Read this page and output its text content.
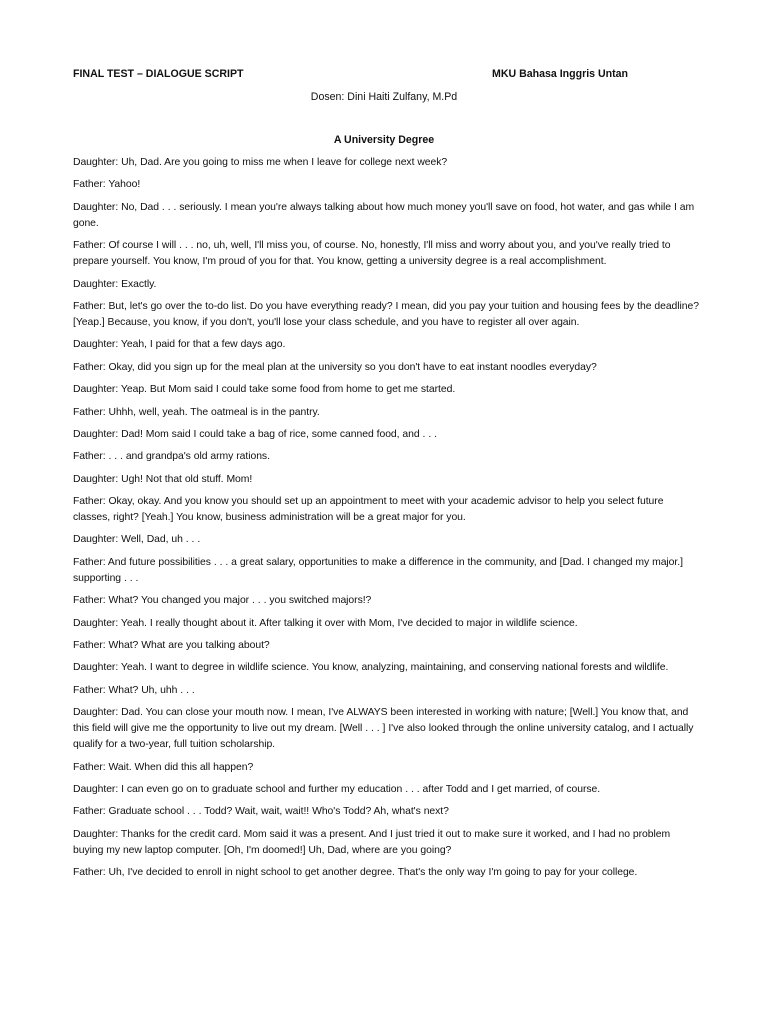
FINAL TEST – DIALOGUE SCRIPT	MKU Bahasa Inggris Untan
Dosen: Dini Haiti Zulfany, M.Pd
A University Degree

Daughter: Uh, Dad. Are you going to miss me when I leave for college next week?

Father: Yahoo!

Daughter: No, Dad . . . seriously. I mean you're always talking about how much money you'll save on food, hot water, and gas while I am gone.

Father: Of course I will . . . no, uh, well, I'll miss you, of course. No, honestly, I'll miss and worry about you, and you've really tried to prepare yourself. You know, I'm proud of you for that. You know, getting a university degree is a real accomplishment.

Daughter: Exactly.

Father: But, let's go over the to-do list. Do you have everything ready? I mean, did you pay your tuition and housing fees by the deadline? [Yeap.] Because, you know, if you don't, you'll lose your class schedule, and you have to register all over again.

Daughter: Yeah, I paid for that a few days ago.

Father: Okay, did you sign up for the meal plan at the university so you don't have to eat instant noodles everyday?

Daughter: Yeap. But Mom said I could take some food from home to get me started.

Father: Uhhh, well, yeah. The oatmeal is in the pantry.

Daughter: Dad! Mom said I could take a bag of rice, some canned food, and . . .

Father: . . . and grandpa's old army rations.

Daughter: Ugh! Not that old stuff. Mom!

Father: Okay, okay. And you know you should set up an appointment to meet with your academic advisor to help you select future classes, right? [Yeah.] You know, business administration will be a great major for you.

Daughter: Well, Dad, uh . . .

Father: And future possibilities . . . a great salary, opportunities to make a difference in the community, and [Dad. I changed my major.] supporting . . .

Father: What? You changed you major . . . you switched majors!?

Daughter: Yeah. I really thought about it. After talking it over with Mom, I've decided to major in wildlife science.

Father: What? What are you talking about?

Daughter: Yeah. I want to degree in wildlife science. You know, analyzing, maintaining, and conserving national forests and wildlife.

Father: What? Uh, uhh . . .

Daughter: Dad. You can close your mouth now. I mean, I've ALWAYS been interested in working with nature; [Well.] You know that, and this field will give me the opportunity to live out my dream. [Well . . . ] I've also looked through the online university catalog, and I actually qualify for a two-year, full tuition scholarship.

Father: Wait. When did this all happen?

Daughter: I can even go on to graduate school and further my education . . . after Todd and I get married, of course.

Father: Graduate school . . . Todd? Wait, wait, wait!! Who's Todd? Ah, what's next?

Daughter: Thanks for the credit card. Mom said it was a present. And I just tried it out to make sure it worked, and I had no problem buying my new laptop computer. [Oh, I'm doomed!] Uh, Dad, where are you going?

Father: Uh, I've decided to enroll in night school to get another degree. That's the only way I'm going to pay for your college.
